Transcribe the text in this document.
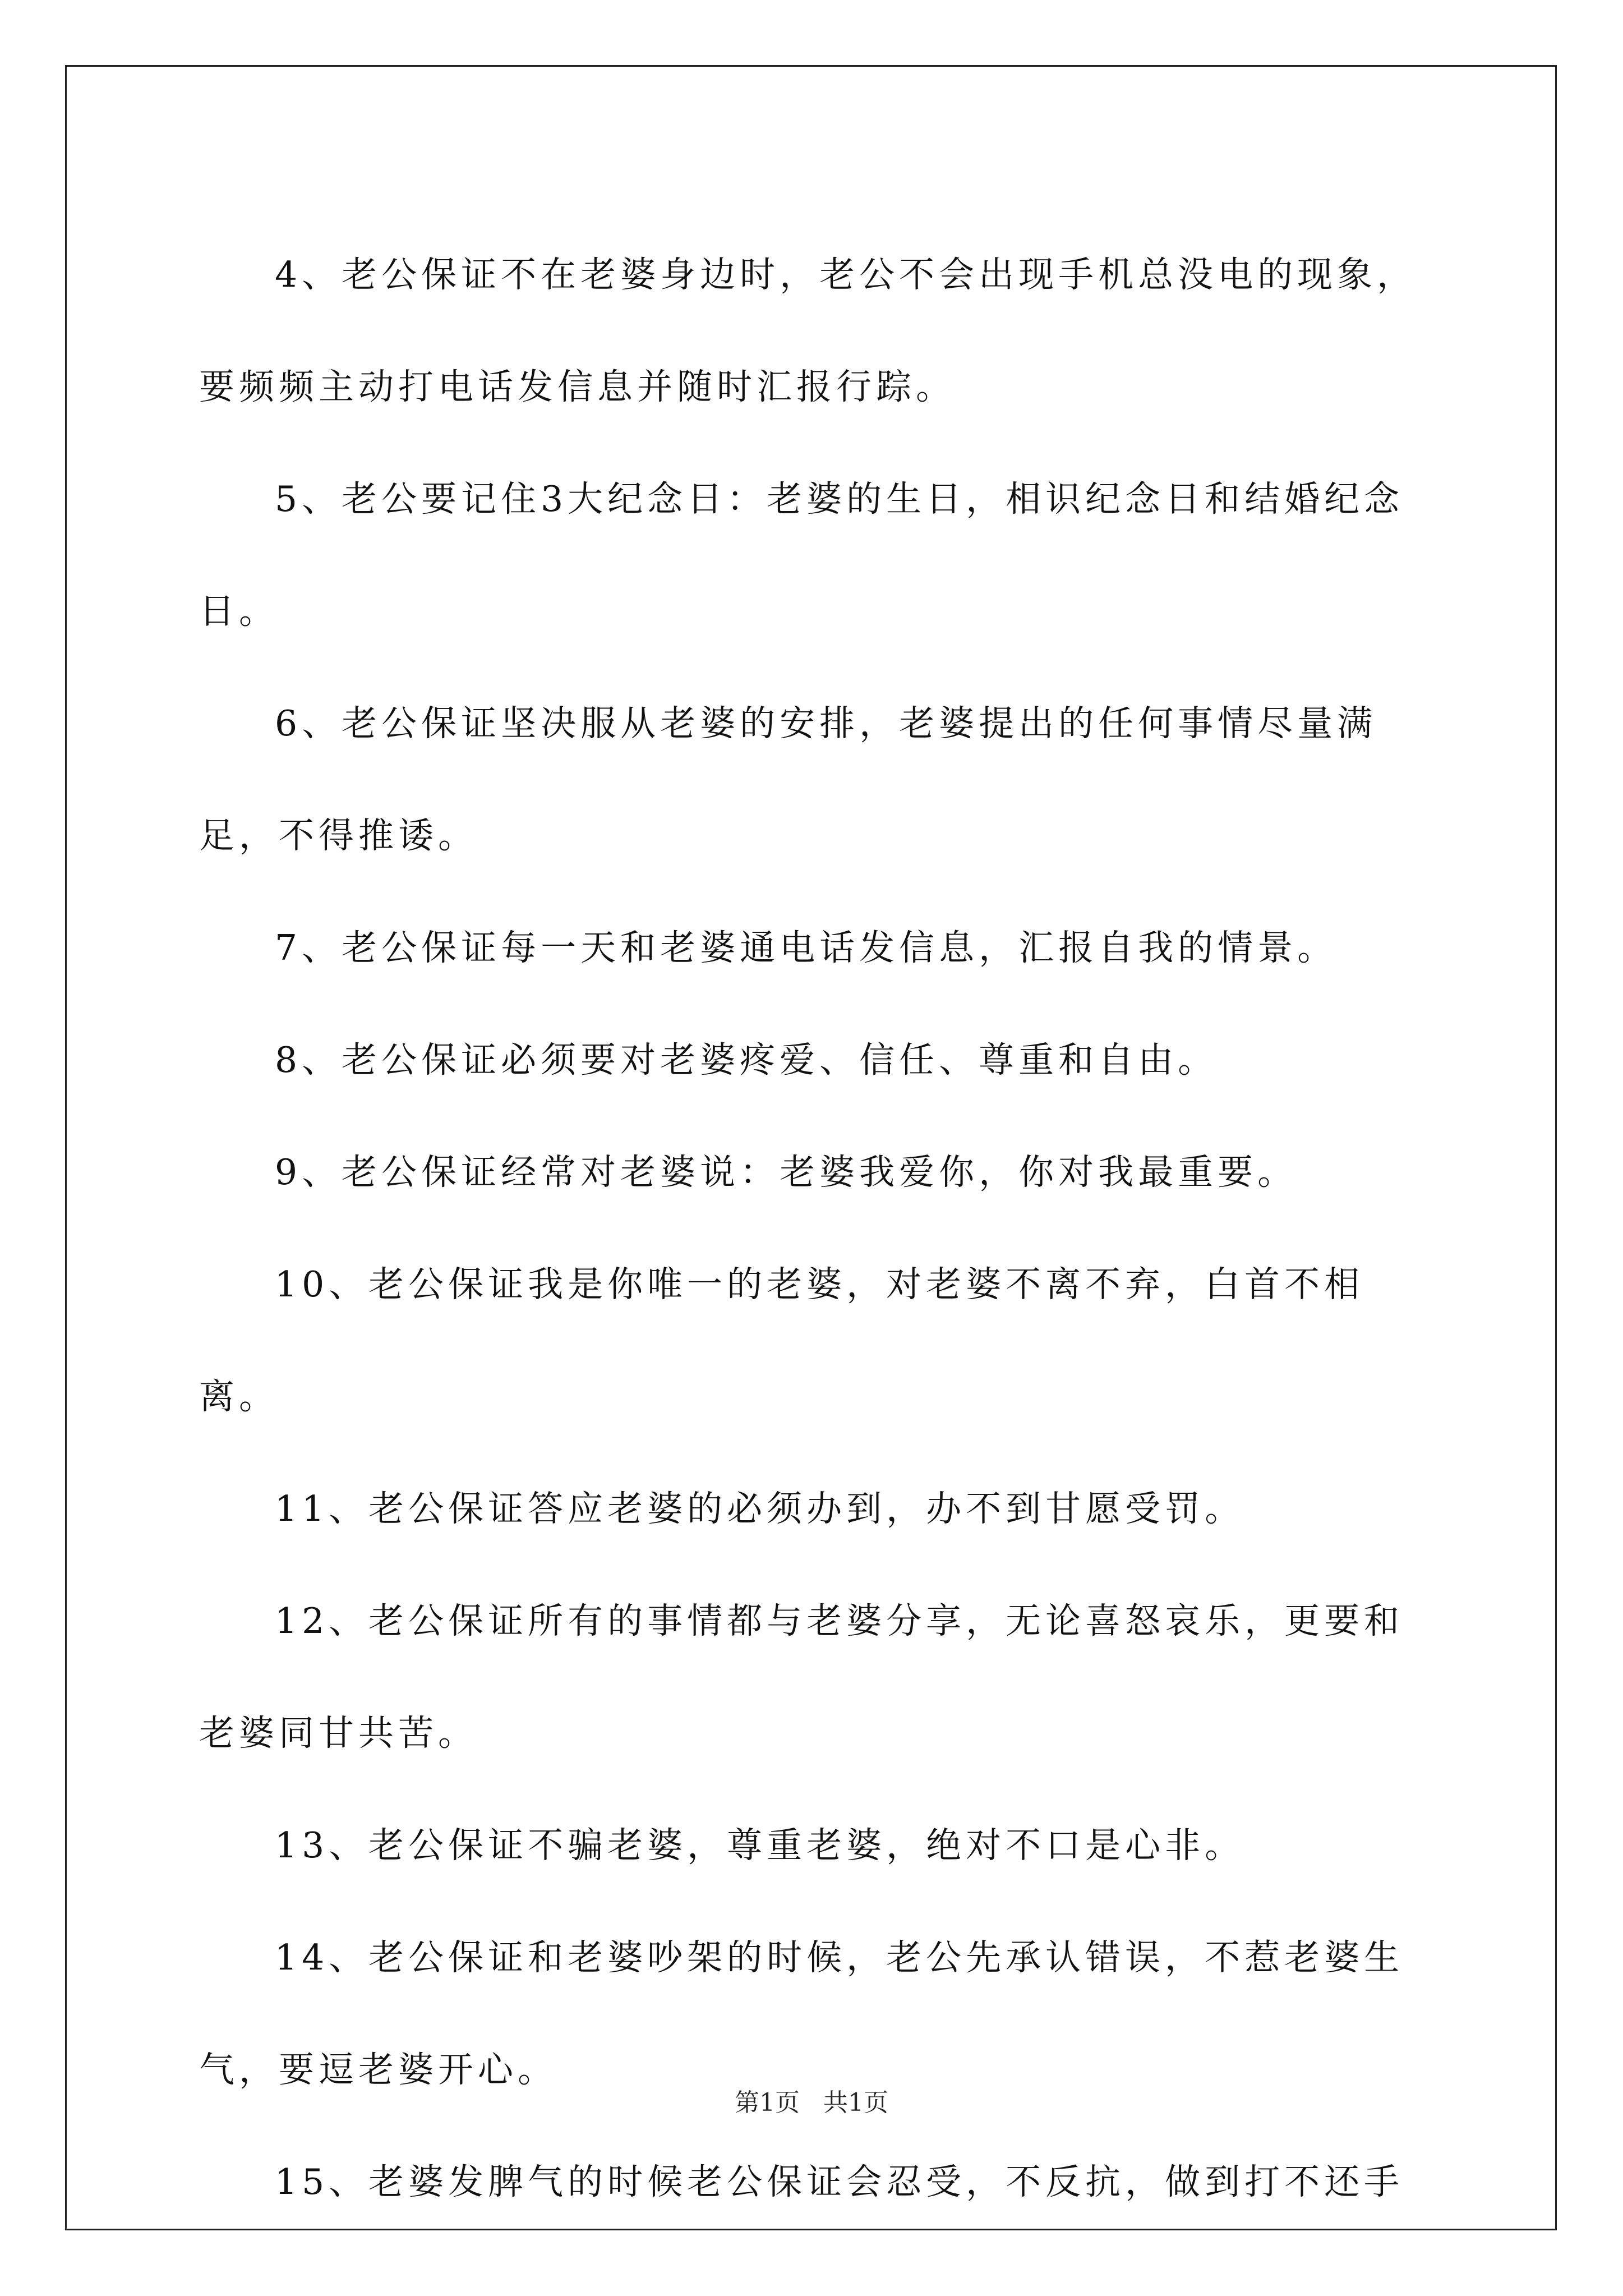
4、老公保证不在老婆身边时，老公不会出现手机总没电的现象，要频频主动打电话发信息并随时汇报行踪。

5、老公要记住3大纪念日：老婆的生日，相识纪念日和结婚纪念日。

6、老公保证坚决服从老婆的安排，老婆提出的任何事情尽量满足，不得推诿。

7、老公保证每一天和老婆通电话发信息，汇报自我的情景。

8、老公保证必须要对老婆疼爱、信任、尊重和自由。

9、老公保证经常对老婆说：老婆我爱你，你对我最重要。

10、老公保证我是你唯一的老婆，对老婆不离不弃，白首不相离。

11、老公保证答应老婆的必须办到，办不到甘愿受罚。

12、老公保证所有的事情都与老婆分享，无论喜怒哀乐，更要和老婆同甘共苦。

13、老公保证不骗老婆，尊重老婆，绝对不口是心非。

14、老公保证和老婆吵架的时候，老公先承认错误，不惹老婆生气，要逗老婆开心。

15、老婆发脾气的时候老公保证会忍受，不反抗，做到打不还手

第1页 共1页
